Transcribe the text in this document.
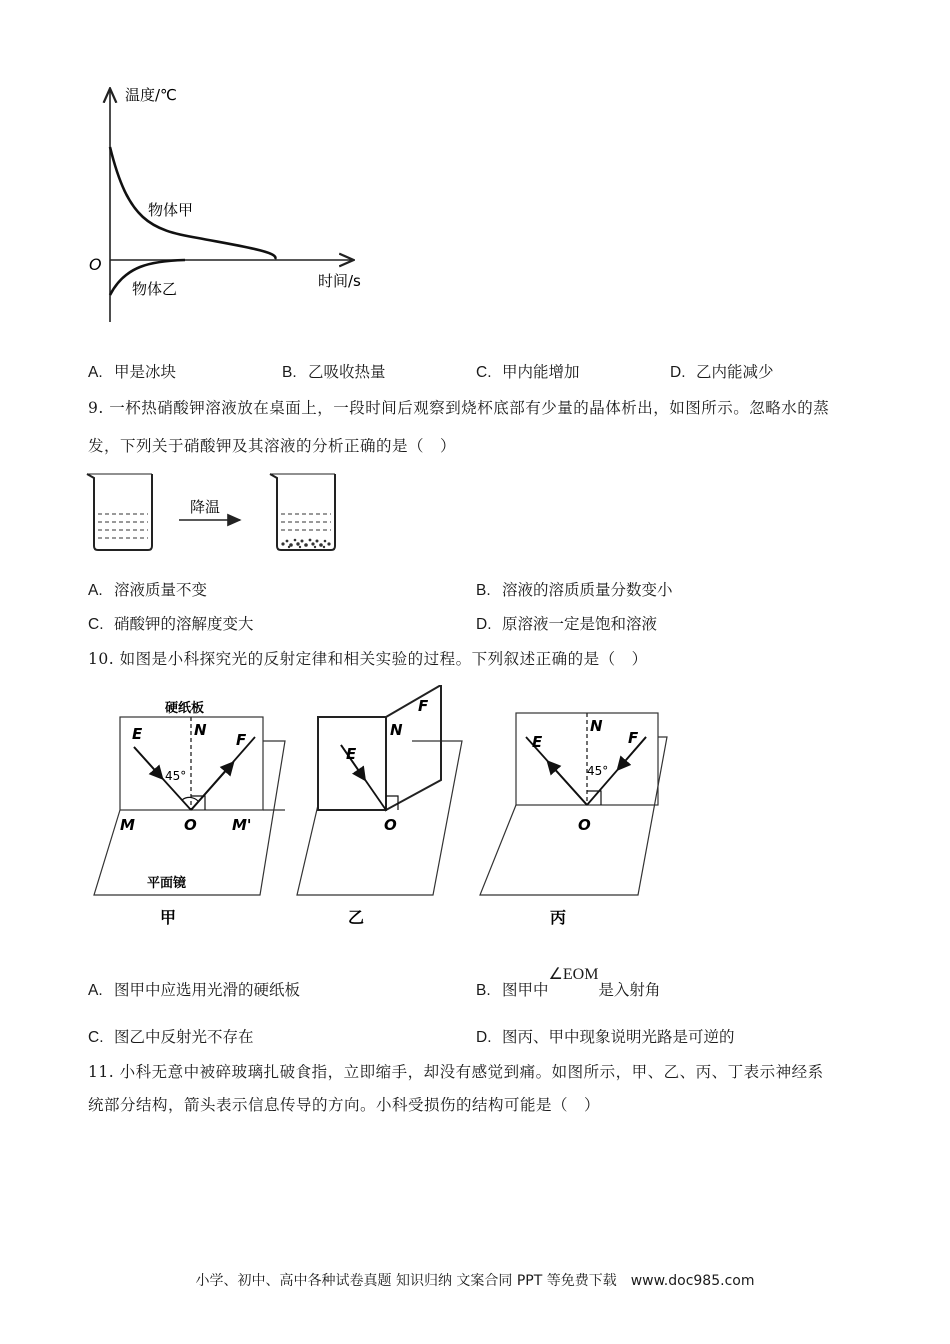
温度/℃
时间/s
O
物体甲
物体乙
A. 甲是冰块	B. 乙吸收热量	C. 甲内能增加	D. 乙内能减少
9. 一杯热硝酸钾溶液放在桌面上，一段时间后观察到烧杯底部有少量的晶体析出，如图所示。忽略水的蒸
发，下列关于硝酸钾及其溶液的分析正确的是（　）
降温
A. 溶液质量不变	B. 溶液的溶质质量分数变小
C. 硝酸钾的溶解度变大	D. 原溶液一定是饱和溶液
10. 如图是小科探究光的反射定律和相关实验的过程。下列叙述正确的是（　）
E	N
F
O
M	M'
45°
硬纸板
平面镜
甲
E
N
F
O
乙
E
N
F
O
45°
丙
A. 图甲中应选用光滑的硬纸板	B. 图甲中∠EOM是入射角
C. 图乙中反射光不存在	D. 图丙、甲中现象说明光路是可逆的
11. 小科无意中被碎玻璃扎破食指，立即缩手，却没有感觉到痛。如图所示，甲、乙、丙、丁表示神经系
统部分结构，箭头表示信息传导的方向。小科受损伤的结构可能是（　）
小学、初中、高中各种试卷真题 知识归纳 文案合同 PPT 等免费下载　www.doc985.com
